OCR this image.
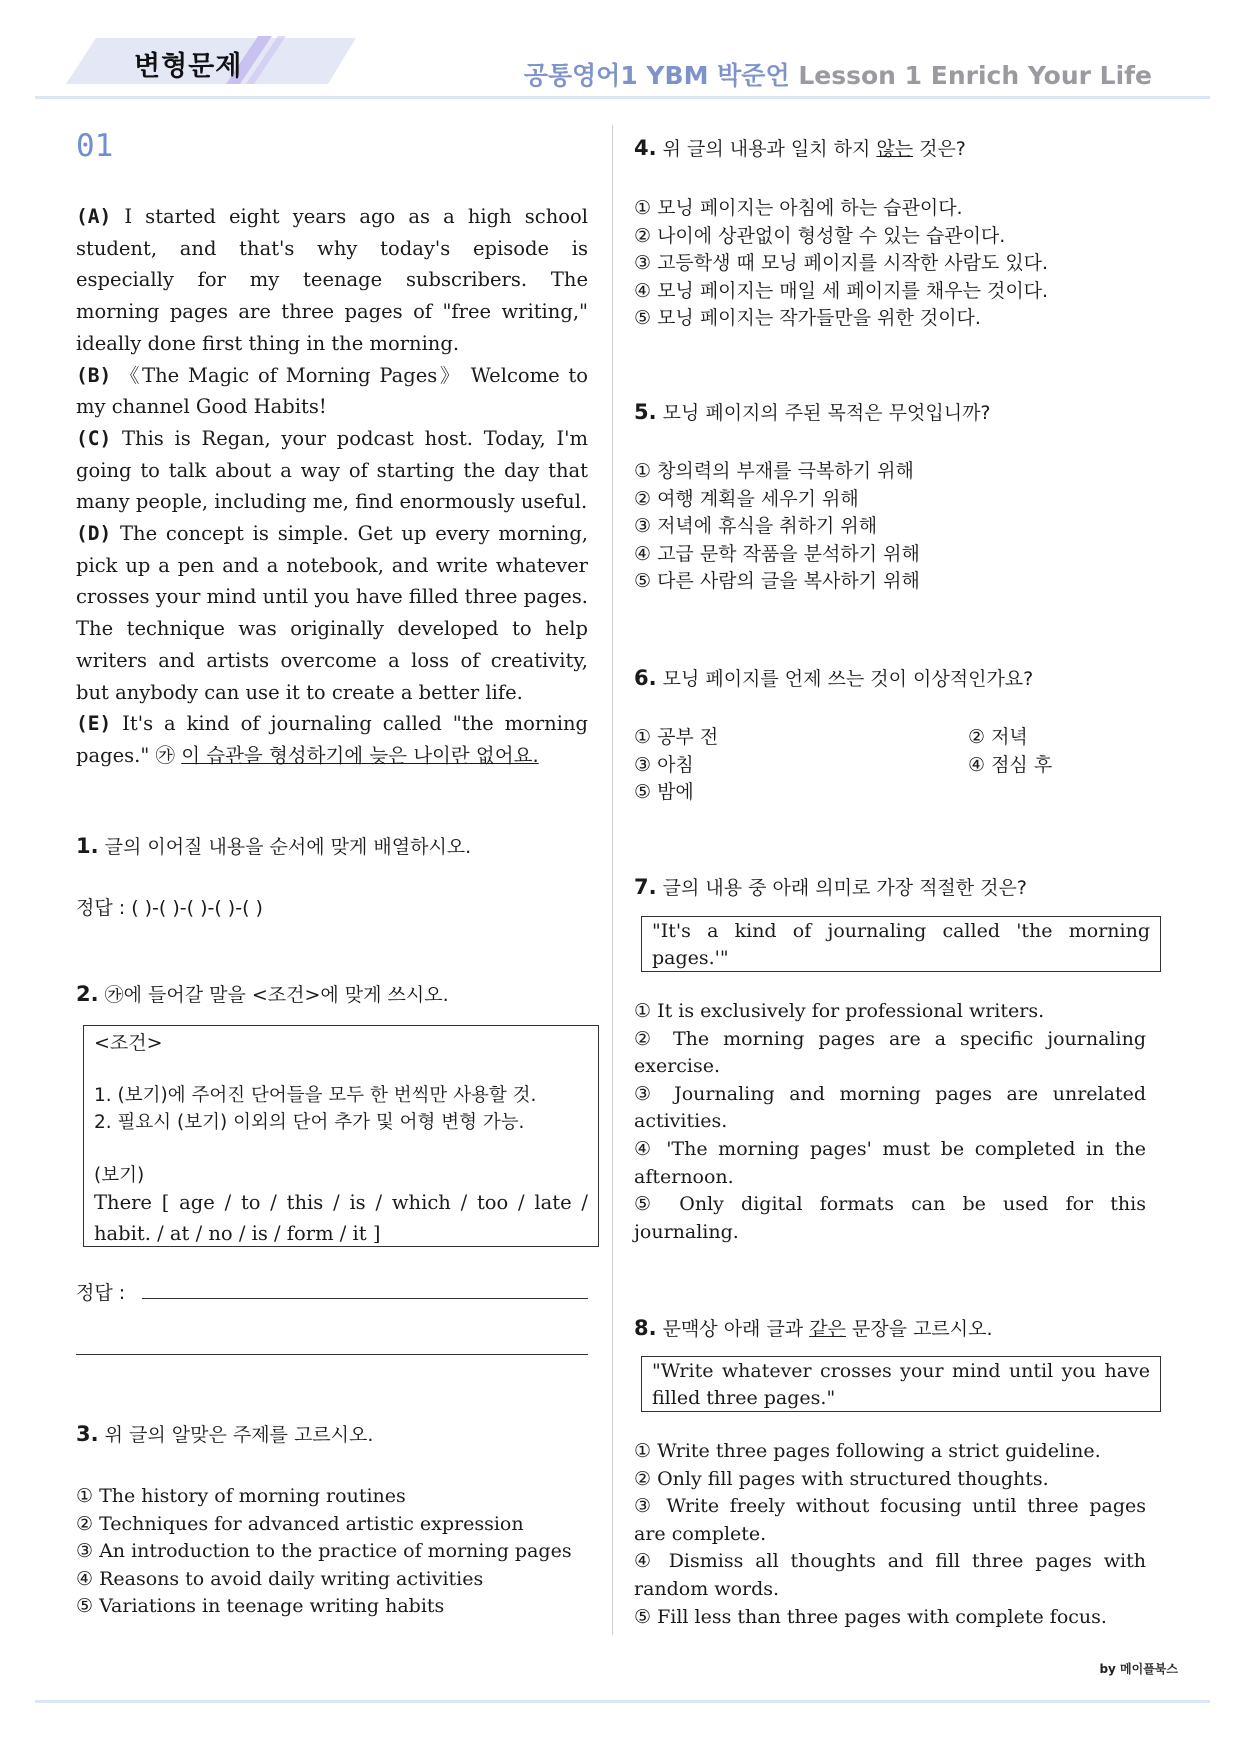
변형문제	공통영어1 YBM 박준언 Lesson 1 Enrich Your Life
01

(A) I started eight years ago as a high school student, and that's why today's episode is especially for my teenage subscribers. The morning pages are three pages of "free writing," ideally done first thing in the morning.

(B) 《The Magic of Morning Pages》 Welcome to my channel Good Habits!

(C) This is Regan, your podcast host. Today, I'm going to talk about a way of starting the day that many people, including me, find enormously useful.

(D) The concept is simple. Get up every morning, pick up a pen and a notebook, and write whatever crosses your mind until you have filled three pages. The technique was originally developed to help writers and artists overcome a loss of creativity, but anybody can use it to create a better life.

(E) It's a kind of journaling called "the morning pages." ㉮ 이 습관을 형성하기에 늦은 나이란 없어요.

1. 글의 이어질 내용을 순서에 맞게 배열하시오.
정답 : ( )-( )-( )-( )-( )
2. ㉮에 들어갈 말을 <조건>에 맞게 쓰시오.
<조건>
1. (보기)에 주어진 단어들을 모두 한 번씩만 사용할 것.
2. 필요시 (보기) 이외의 단어 추가 및 어형 변형 가능.
(보기)
There [ age / to / this / is / which / too / late / habit. / at / no / is / form / it ]
정답 :
3. 위 글의 알맞은 주제를 고르시오.
① The history of morning routines
② Techniques for advanced artistic expression
③ An introduction to the practice of morning pages
④ Reasons to avoid daily writing activities
⑤ Variations in teenage writing habits
4. 위 글의 내용과 일치 하지 않는 것은?
① 모닝 페이지는 아침에 하는 습관이다.
② 나이에 상관없이 형성할 수 있는 습관이다.
③ 고등학생 때 모닝 페이지를 시작한 사람도 있다.
④ 모닝 페이지는 매일 세 페이지를 채우는 것이다.
⑤ 모닝 페이지는 작가들만을 위한 것이다.
5. 모닝 페이지의 주된 목적은 무엇입니까?
① 창의력의 부재를 극복하기 위해
② 여행 계획을 세우기 위해
③ 저녁에 휴식을 취하기 위해
④ 고급 문학 작품을 분석하기 위해
⑤ 다른 사람의 글을 복사하기 위해
6. 모닝 페이지를 언제 쓰는 것이 이상적인가요?
① 공부 전
③ 아침
⑤ 밤에
② 저녁
④ 점심 후
7. 글의 내용 중 아래 의미로 가장 적절한 것은?
"It's a kind of journaling called 'the morning pages.'"
① It is exclusively for professional writers.
② The morning pages are a specific journaling exercise.
③ Journaling and morning pages are unrelated activities.
④ 'The morning pages' must be completed in the afternoon.
⑤ Only digital formats can be used for this journaling.
8. 문맥상 아래 글과 같은 문장을 고르시오.
"Write whatever crosses your mind until you have filled three pages."
① Write three pages following a strict guideline.
② Only fill pages with structured thoughts.
③ Write freely without focusing until three pages are complete.
④ Dismiss all thoughts and fill three pages with random words.
⑤ Fill less than three pages with complete focus.
by 메이플북스
